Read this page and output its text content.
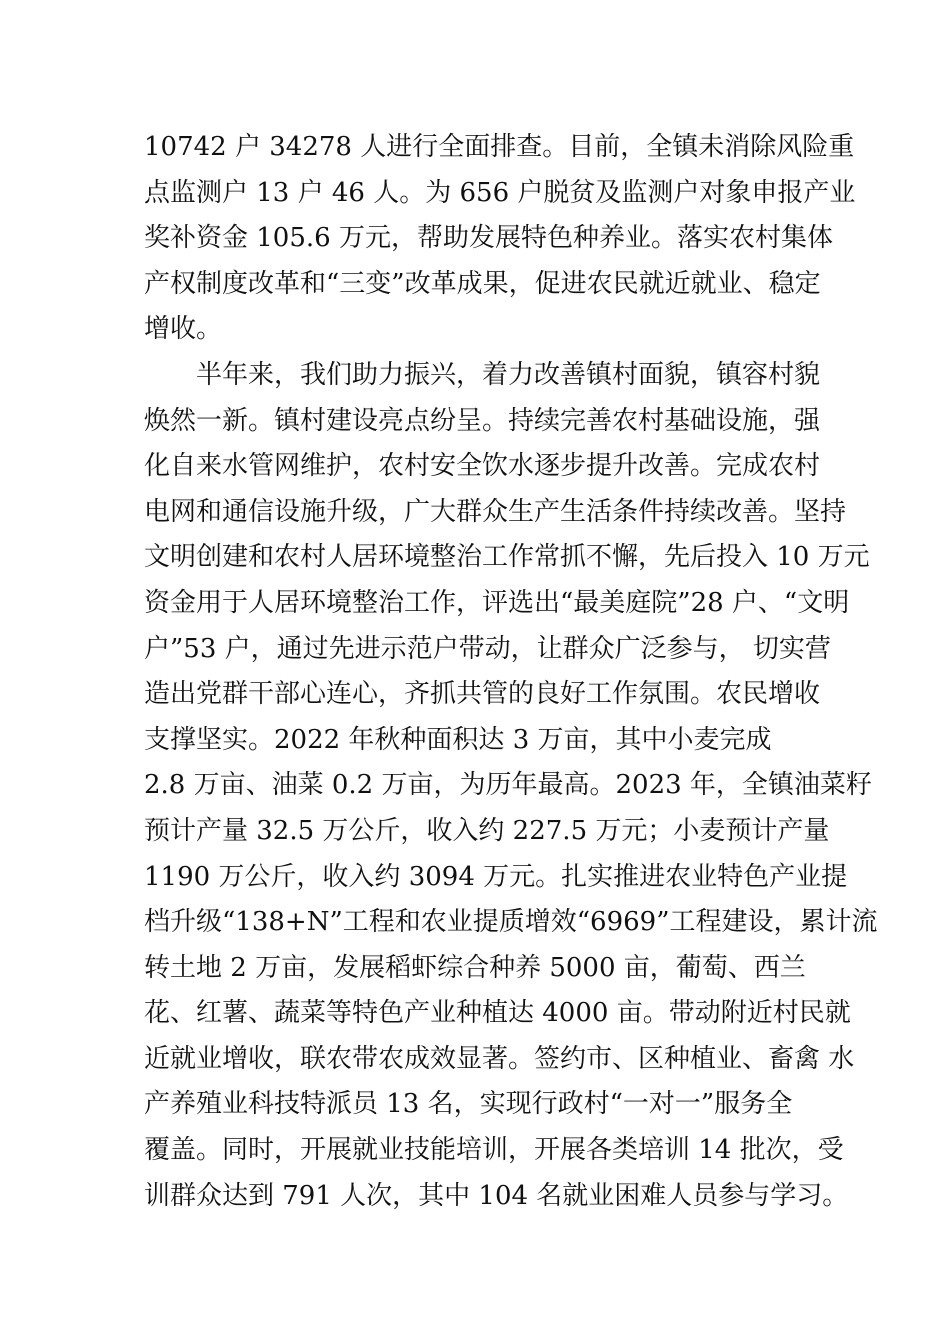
10742 户 34278 人进行全面排查。目前，全镇未消除风险重
点监测户 13 户 46 人。为 656 户脱贫及监测户对象申报产业
奖补资金 105.6 万元，帮助发展特色种养业。落实农村集体
产权制度改革和“三变”改革成果，促进农民就近就业、稳定
增收。
半年来，我们助力振兴，着力改善镇村面貌，镇容村貌
焕然一新。镇村建设亮点纷呈。持续完善农村基础设施，强
化自来水管网维护，农村安全饮水逐步提升改善。完成农村
电网和通信设施升级，广大群众生产生活条件持续改善。坚持
文明创建和农村人居环境整治工作常抓不懈，先后投入 10 万元
资金用于人居环境整治工作，评选出“最美庭院”28 户、“文明
户”53 户，通过先进示范户带动，让群众广泛参与， 切实营
造出党群干部心连心，齐抓共管的良好工作氛围。农民增收
支撑坚实。2022 年秋种面积达 3 万亩，其中小麦完成
2.8 万亩、油菜 0.2 万亩，为历年最高。2023 年，全镇油菜籽
预计产量 32.5 万公斤，收入约 227.5 万元；小麦预计产量
1190 万公斤，收入约 3094 万元。扎实推进农业特色产业提
档升级“138+N”工程和农业提质增效“6969”工程建设，累计流
转土地 2 万亩，发展稻虾综合种养 5000 亩，葡萄、西兰
花、红薯、蔬菜等特色产业种植达 4000 亩。带动附近村民就
近就业增收，联农带农成效显著。签约市、区种植业、畜禽 水
产养殖业科技特派员 13 名，实现行政村“一对一”服务全
覆盖。同时，开展就业技能培训，开展各类培训 14 批次，受
训群众达到 791 人次，其中 104 名就业困难人员参与学习。
